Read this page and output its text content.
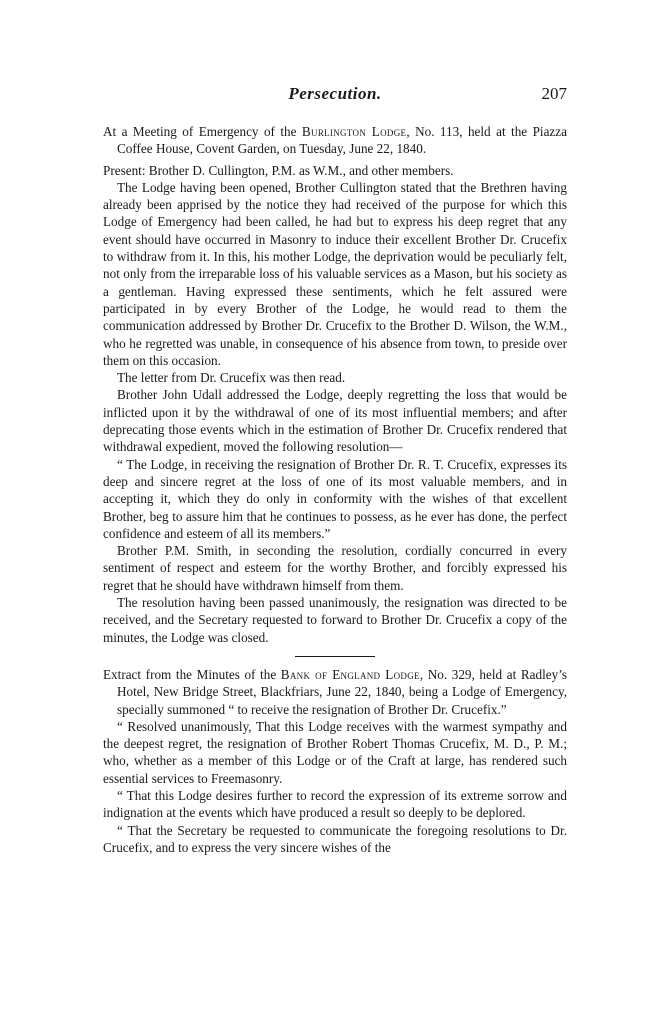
Persecution.	207

At a Meeting of Emergency of the Burlington Lodge, No. 113, held at the Piazza Coffee House, Covent Garden, on Tuesday, June 22, 1840.

Present: Brother D. Cullington, P.M. as W.M., and other members.

The Lodge having been opened, Brother Cullington stated that the Brethren having already been apprised by the notice they had received of the purpose for which this Lodge of Emergency had been called, he had but to express his deep regret that any event should have occurred in Masonry to induce their excellent Brother Dr. Crucefix to withdraw from it. In this, his mother Lodge, the deprivation would be peculiarly felt, not only from the irreparable loss of his valuable services as a Mason, but his society as a gentleman. Having expressed these sentiments, which he felt assured were participated in by every Brother of the Lodge, he would read to them the communication addressed by Brother Dr. Crucefix to the Brother D. Wilson, the W.M., who he regretted was unable, in consequence of his absence from town, to preside over them on this occasion.

The letter from Dr. Crucefix was then read.

Brother John Udall addressed the Lodge, deeply regretting the loss that would be inflicted upon it by the withdrawal of one of its most influential members; and after deprecating those events which in the estimation of Brother Dr. Crucefix rendered that withdrawal expedient, moved the following resolution—

“ The Lodge, in receiving the resignation of Brother Dr. R. T. Crucefix, expresses its deep and sincere regret at the loss of one of its most valuable members, and in accepting it, which they do only in conformity with the wishes of that excellent Brother, beg to assure him that he continues to possess, as he ever has done, the perfect confidence and esteem of all its members.”

Brother P.M. Smith, in seconding the resolution, cordially concurred in every sentiment of respect and esteem for the worthy Brother, and forcibly expressed his regret that he should have withdrawn himself from them.

The resolution having been passed unanimously, the resignation was directed to be received, and the Secretary requested to forward to Brother Dr. Crucefix a copy of the minutes, the Lodge was closed.

Extract from the Minutes of the Bank of England Lodge, No. 329, held at Radley’s Hotel, New Bridge Street, Blackfriars, June 22, 1840, being a Lodge of Emergency, specially summoned “ to receive the resignation of Brother Dr. Crucefix.”

“ Resolved unanimously, That this Lodge receives with the warmest sympathy and the deepest regret, the resignation of Brother Robert Thomas Crucefix, M. D., P. M.; who, whether as a member of this Lodge or of the Craft at large, has rendered such essential services to Freemasonry.

“ That this Lodge desires further to record the expression of its extreme sorrow and indignation at the events which have produced a result so deeply to be deplored.

“ That the Secretary be requested to communicate the foregoing resolutions to Dr. Crucefix, and to express the very sincere wishes of the
